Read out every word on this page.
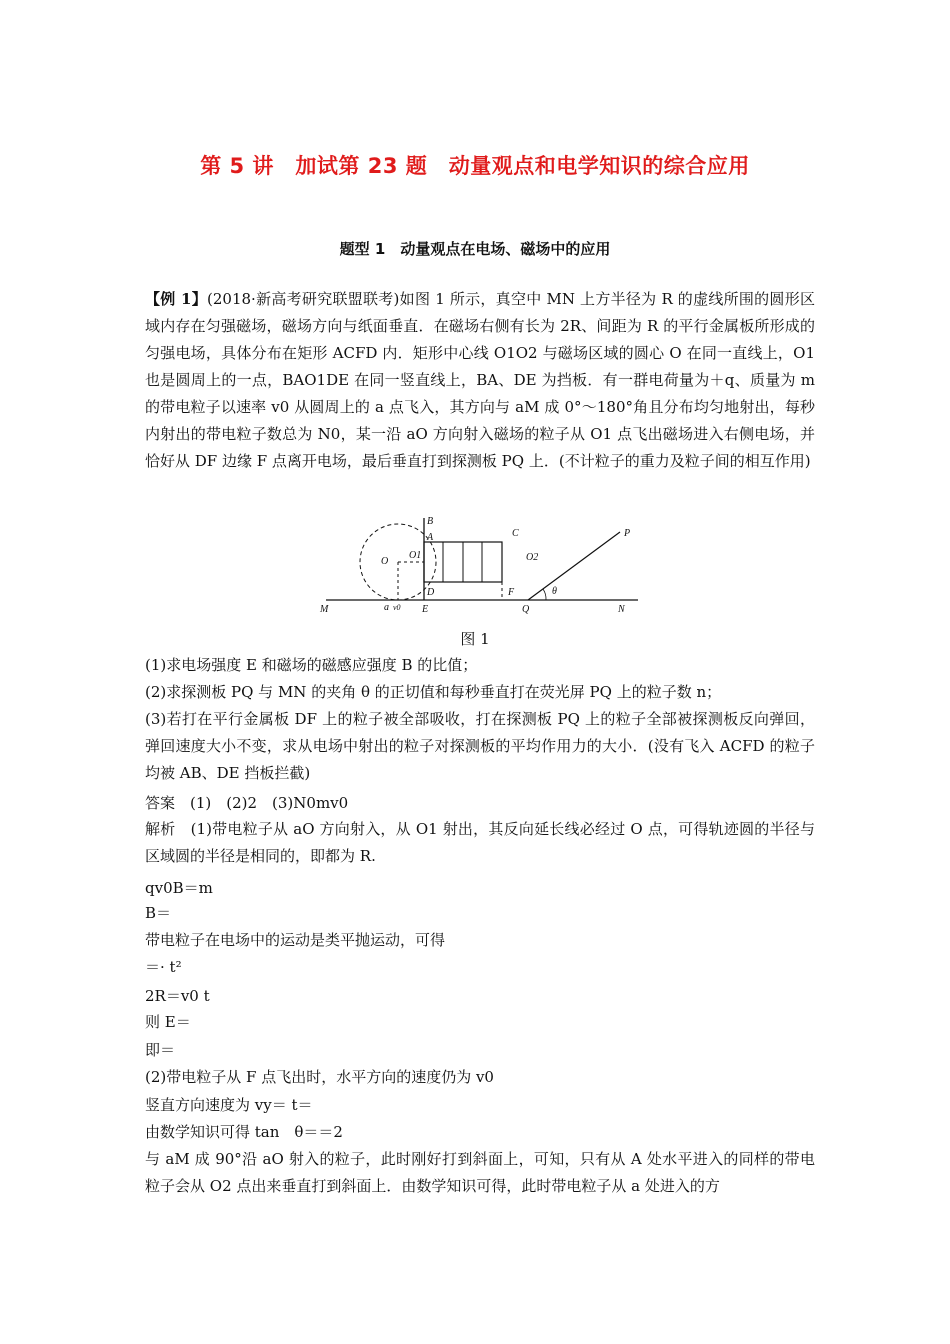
第 5 讲　加试第 23 题　动量观点和电学知识的综合应用
题型 1　动量观点在电场、磁场中的应用
【例 1】(2018·新高考研究联盟联考)如图 1 所示，真空中 MN 上方半径为 R 的虚线所围的圆形区域内存在匀强磁场，磁场方向与纸面垂直．在磁场右侧有长为 2R、间距为 R 的平行金属板所形成的匀强电场，具体分布在矩形 ACFD 内．矩形中心线 O1O2 与磁场区域的圆心 O 在同一直线上，O1 也是圆周上的一点，BAO1DE 在同一竖直线上，BA、DE 为挡板．有一群电荷量为＋q、质量为 m 的带电粒子以速率 v0 从圆周上的 a 点飞入，其方向与 aM 成 0°～180°角且分布均匀地射出，每秒内射出的带电粒子数总为 N0，某一沿 aO 方向射入磁场的粒子从 O1 点飞出磁场进入右侧电场，并恰好从 DF 边缘 F 点离开电场，最后垂直打到探测板 PQ 上．(不计粒子的重力及粒子间的相互作用)
B
A	C
O
O1	O2
D	F
P
θ
M	a v0 E	Q	N
图 1
(1)求电场强度 E 和磁场的磁感应强度 B 的比值；
(2)求探测板 PQ 与 MN 的夹角 θ 的正切值和每秒垂直打在荧光屏 PQ 上的粒子数 n；
(3)若打在平行金属板 DF 上的粒子被全部吸收，打在探测板 PQ 上的粒子全部被探测板反向弹回，弹回速度大小不变，求从电场中射出的粒子对探测板的平均作用力的大小．(没有飞入 ACFD 的粒子均被 AB、DE 挡板拦截)
答案　(1)　(2)2　(3)N0mv0
解析　(1)带电粒子从 aO 方向射入，从 O1 射出，其反向延长线必经过 O 点，可得轨迹圆的半径与区域圆的半径是相同的，即都为 R.
qv0B＝m
B＝
带电粒子在电场中的运动是类平抛运动，可得
＝· t²
2R＝v0 t
则 E＝
即＝
(2)带电粒子从 F 点飞出时，水平方向的速度仍为 v0
竖直方向速度为 vy＝ t＝
由数学知识可得 tan　θ＝＝2
与 aM 成 90°沿 aO 射入的粒子，此时刚好打到斜面上，可知，只有从 A 处水平进入的同样的带电粒子会从 O2 点出来垂直打到斜面上．由数学知识可得，此时带电粒子从 a 处进入的方
